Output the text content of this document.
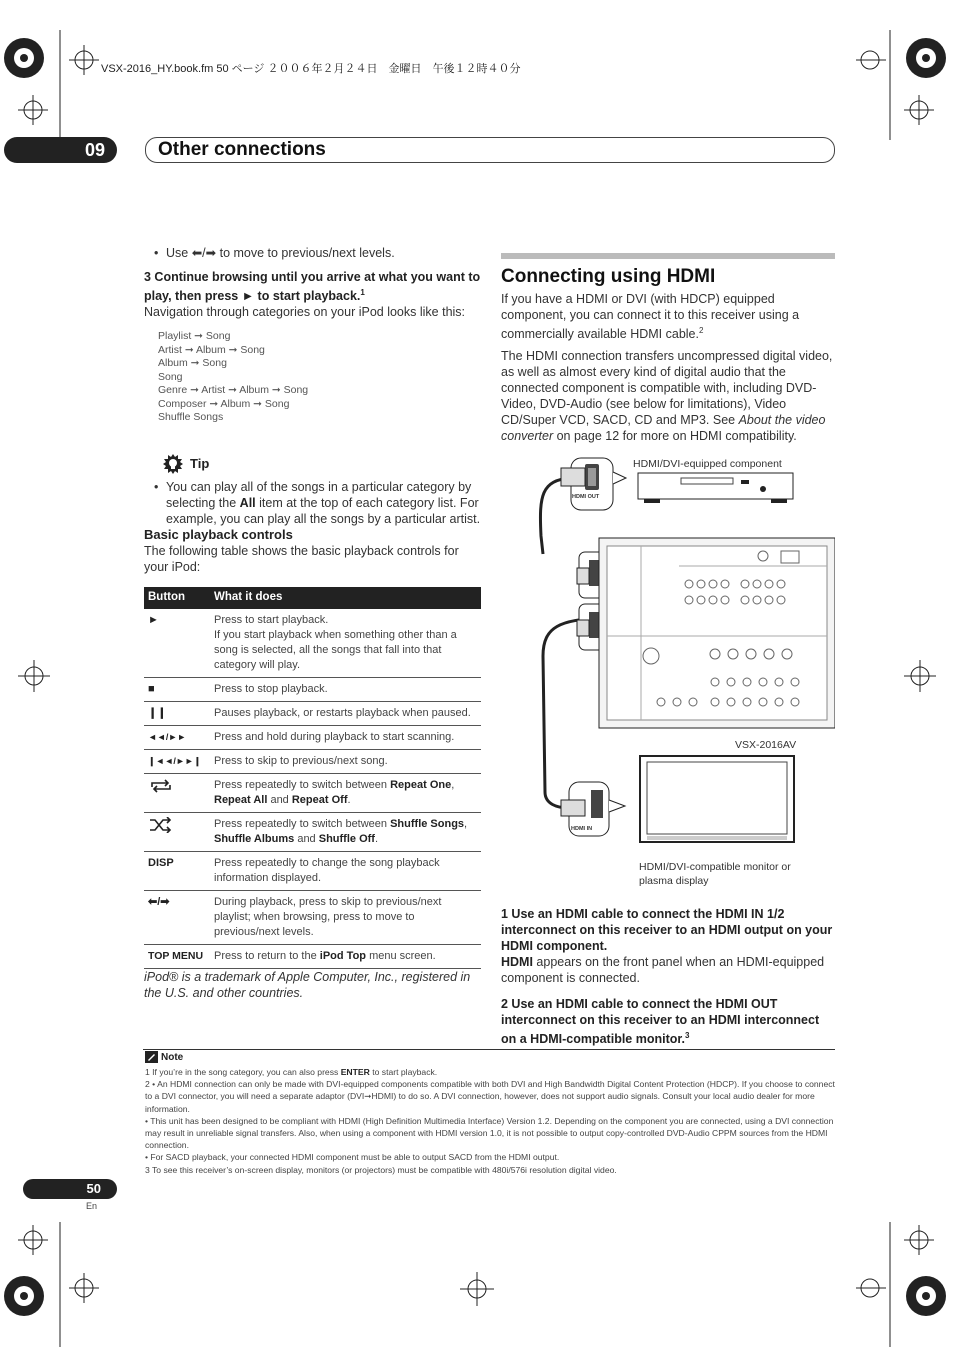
VSX-2016_HY.book.fm 50 ページ ２００６年２月２４日　金曜日　午後１２時４０分
09	Other connections

• Use ⬅/➡ to move to previous/next levels.

3 Continue browsing until you arrive at what you want to play, then press ► to start playback.$^1$

Navigation through categories on your iPod looks like this:

Playlist ➞ Song
Artist ➞ Album ➞ Song
Album ➞ Song
Song
Genre ➞ Artist ➞ Album ➞ Song
Composer ➞ Album ➞ Song
Shuffle Songs
Tip

• You can play all of the songs in a particular category by selecting the All item at the top of each category list. For example, you can play all the songs by a particular artist.

Basic playback controls

The following table shows the basic playback controls for your iPod:

Button	What it does
►	Press to start playback.
If you start playback when something other than a song is selected, all the songs that fall into that category will play.
■	Press to stop playback.
❙❙	Pauses playback, or restarts playback when paused.
◄◄/►►	Press and hold during playback to start scanning.
❙◄◄/►►❙	Press to skip to previous/next song.
	Press repeatedly to switch between Repeat One, Repeat All and Repeat Off.
	Press repeatedly to switch between Shuffle Songs, Shuffle Albums and Shuffle Off.
DISP	Press repeatedly to change the song playback information displayed.
⬅/➡	During playback, press to skip to previous/next playlist; when browsing, press to move to previous/next levels.
TOP MENU	Press to return to the iPod Top menu screen.

iPod® is a trademark of Apple Computer, Inc., registered in the U.S. and other countries.

Connecting using HDMI

If you have a HDMI or DVI (with HDCP) equipped component, you can connect it to this receiver using a commercially available HDMI cable.$^2$

The HDMI connection transfers uncompressed digital video, as well as almost every kind of digital audio that the connected component is compatible with, including DVD-Video, DVD-Audio (see below for limitations), Video CD/Super VCD, SACD, CD and MP3. See About the video converter on page 12 for more on HDMI compatibility.

HDMI/DVI-equipped component
HDMI OUT
VSX-2016AV
HDMI IN
HDMI/DVI-compatible monitor or plasma display

1 Use an HDMI cable to connect the HDMI IN 1/2 interconnect on this receiver to an HDMI output on your HDMI component.

HDMI appears on the front panel when an HDMI-equipped component is connected.

2 Use an HDMI cable to connect the HDMI OUT interconnect on this receiver to an HDMI interconnect on a HDMI-compatible monitor.$^3$

Note

1 If you’re in the song category, you can also press ENTER to start playback.

2 • An HDMI connection can only be made with DVI-equipped components compatible with both DVI and High Bandwidth Digital Content Protection (HDCP). If you choose to connect to a DVI connector, you will need a separate adaptor (DVI➞HDMI) to do so. A DVI connection, however, does not support audio signals. Consult your local audio dealer for more information.

• This unit has been designed to be compliant with HDMI (High Definition Multimedia Interface) Version 1.2. Depending on the component you are connected, using a DVI connection may result in unreliable signal transfers. Also, when using a component with HDMI version 1.0, it is not possible to output copy-controlled DVD-Audio CPPM sources from the HDMI connection.

• For SACD playback, your connected HDMI component must be able to output SACD from the HDMI output.

3 To see this receiver’s on-screen display, monitors (or projectors) must be compatible with 480i/576i resolution digital video.

50
En
